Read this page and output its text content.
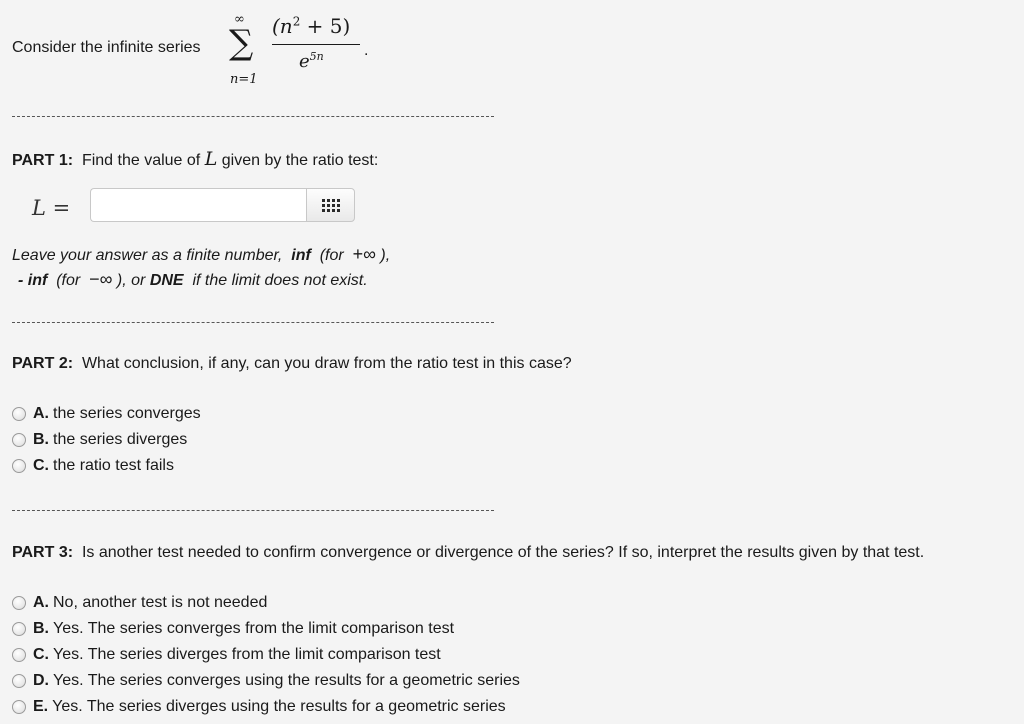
Consider the infinite series
∞
∑
n=1
$(n^2 + 5)$
$e^{5n}$	.
PART 1: Find the value of L given by the ratio test:
L =
Leave your answer as a finite number, inf (for +∞ ),
- inf (for −∞ ), or DNE if the limit does not exist.
PART 2: What conclusion, if any, can you draw from the ratio test in this case?
A. the series converges
B. the series diverges
C. the ratio test fails
PART 3: Is another test needed to confirm convergence or divergence of the series? If so, interpret the results given by that test.
A. No, another test is not needed
B. Yes. The series converges from the limit comparison test
C. Yes. The series diverges from the limit comparison test
D. Yes. The series converges using the results for a geometric series
E. Yes. The series diverges using the results for a geometric series
